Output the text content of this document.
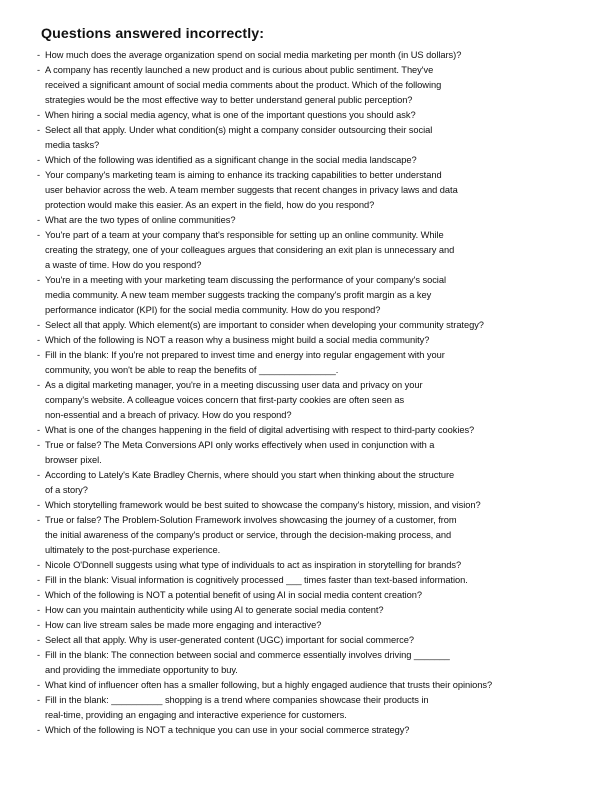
Questions answered incorrectly:
- How much does the average organization spend on social media marketing per month (in US dollars)?
- A company has recently launched a new product and is curious about public sentiment. They've
received a significant amount of social media comments about the product. Which of the following
strategies would be the most effective way to better understand general public perception?
- When hiring a social media agency, what is one of the important questions you should ask?
- Select all that apply. Under what condition(s) might a company consider outsourcing their social
media tasks?
- Which of the following was identified as a significant change in the social media landscape?
- Your company's marketing team is aiming to enhance its tracking capabilities to better understand
user behavior across the web. A team member suggests that recent changes in privacy laws and data
protection would make this easier. As an expert in the field, how do you respond?
- What are the two types of online communities?
- You're part of a team at your company that's responsible for setting up an online community. While
creating the strategy, one of your colleagues argues that considering an exit plan is unnecessary and
a waste of time. How do you respond?
- You're in a meeting with your marketing team discussing the performance of your company's social
media community. A new team member suggests tracking the company's profit margin as a key
performance indicator (KPI) for the social media community. How do you respond?
- Select all that apply. Which element(s) are important to consider when developing your community strategy?
- Which of the following is NOT a reason why a business might build a social media community?
- Fill in the blank: If you're not prepared to invest time and energy into regular engagement with your
community, you won't be able to reap the benefits of _______________.
- As a digital marketing manager, you're in a meeting discussing user data and privacy on your
company's website. A colleague voices concern that first-party cookies are often seen as
non-essential and a breach of privacy. How do you respond?
- What is one of the changes happening in the field of digital advertising with respect to third-party cookies?
- True or false? The Meta Conversions API only works effectively when used in conjunction with a
browser pixel.
- According to Lately's Kate Bradley Chernis, where should you start when thinking about the structure
of a story?
- Which storytelling framework would be best suited to showcase the company's history, mission, and vision?
- True or false? The Problem-Solution Framework involves showcasing the journey of a customer, from
the initial awareness of the company's product or service, through the decision-making process, and
ultimately to the post-purchase experience.
- Nicole O'Donnell suggests using what type of individuals to act as inspiration in storytelling for brands?
- Fill in the blank: Visual information is cognitively processed ___ times faster than text-based information.
- Which of the following is NOT a potential benefit of using AI in social media content creation?
- How can you maintain authenticity while using AI to generate social media content?
- How can live stream sales be made more engaging and interactive?
- Select all that apply. Why is user-generated content (UGC) important for social commerce?
- Fill in the blank: The connection between social and commerce essentially involves driving _______
and providing the immediate opportunity to buy.
- What kind of influencer often has a smaller following, but a highly engaged audience that trusts their opinions?
- Fill in the blank: __________ shopping is a trend where companies showcase their products in
real-time, providing an engaging and interactive experience for customers.
- Which of the following is NOT a technique you can use in your social commerce strategy?
